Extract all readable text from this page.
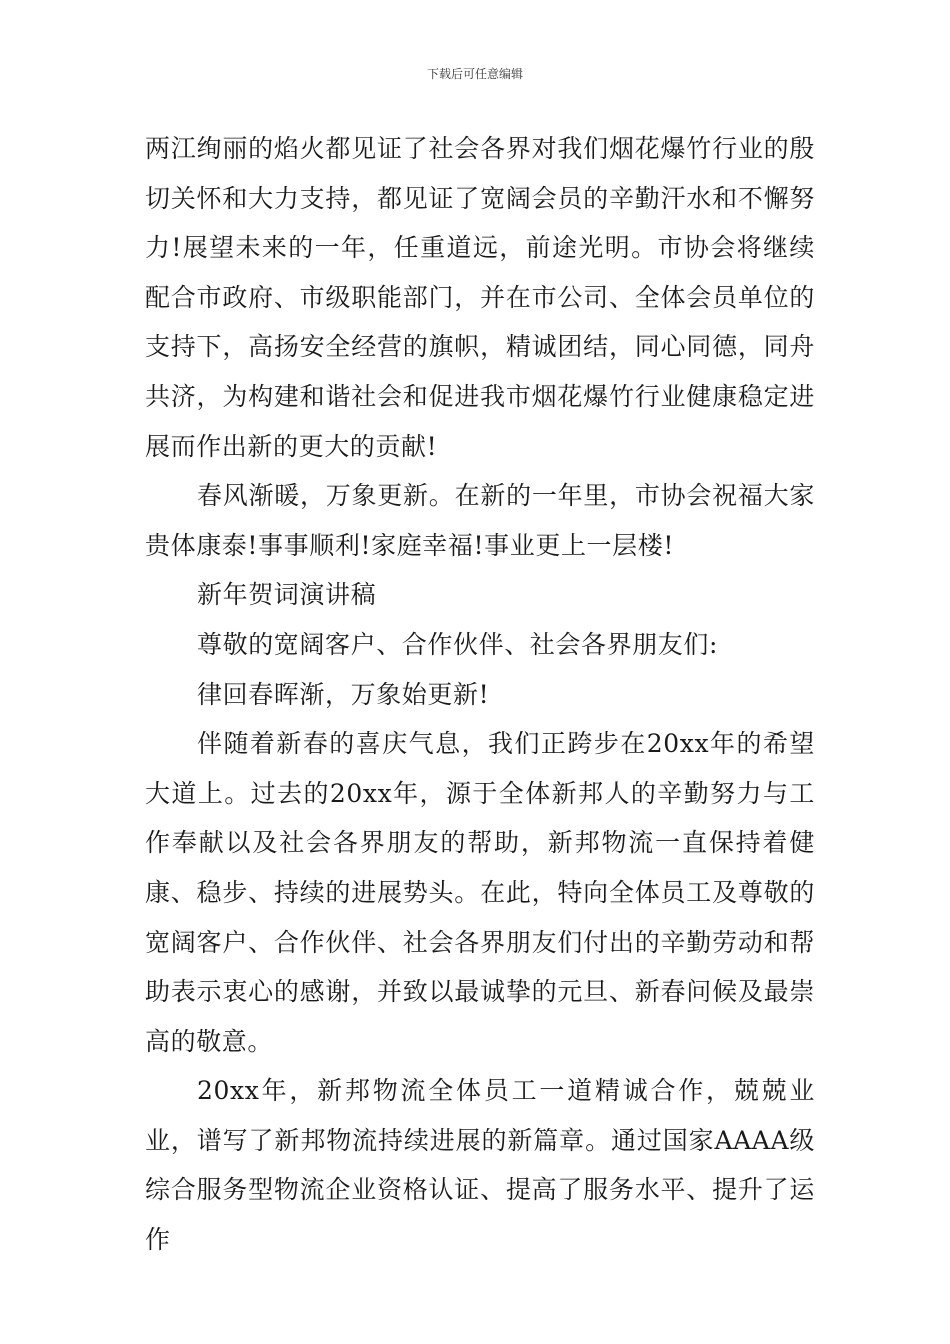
下载后可任意编辑

两江绚丽的焰火都见证了社会各界对我们烟花爆竹行业的殷切关怀和大力支持，都见证了宽阔会员的辛勤汗水和不懈努力!展望未来的一年，任重道远，前途光明。市协会将继续配合市政府、市级职能部门，并在市公司、全体会员单位的支持下，高扬安全经营的旗帜，精诚团结，同心同德，同舟共济，为构建和谐社会和促进我市烟花爆竹行业健康稳定进展而作出新的更大的贡献!

春风渐暖，万象更新。在新的一年里，市协会祝福大家贵体康泰!事事顺利!家庭幸福!事业更上一层楼!

新年贺词演讲稿

尊敬的宽阔客户、合作伙伴、社会各界朋友们:

律回春晖渐，万象始更新!

伴随着新春的喜庆气息，我们正跨步在20xx年的希望大道上。过去的20xx年，源于全体新邦人的辛勤努力与工作奉献以及社会各界朋友的帮助，新邦物流一直保持着健康、稳步、持续的进展势头。在此，特向全体员工及尊敬的宽阔客户、合作伙伴、社会各界朋友们付出的辛勤劳动和帮助表示衷心的感谢，并致以最诚挚的元旦、新春问候及最崇高的敬意。

20xx年，新邦物流全体员工一道精诚合作，兢兢业业，谱写了新邦物流持续进展的新篇章。通过国家AAAA级综合服务型物流企业资格认证、提高了服务水平、提升了运作
